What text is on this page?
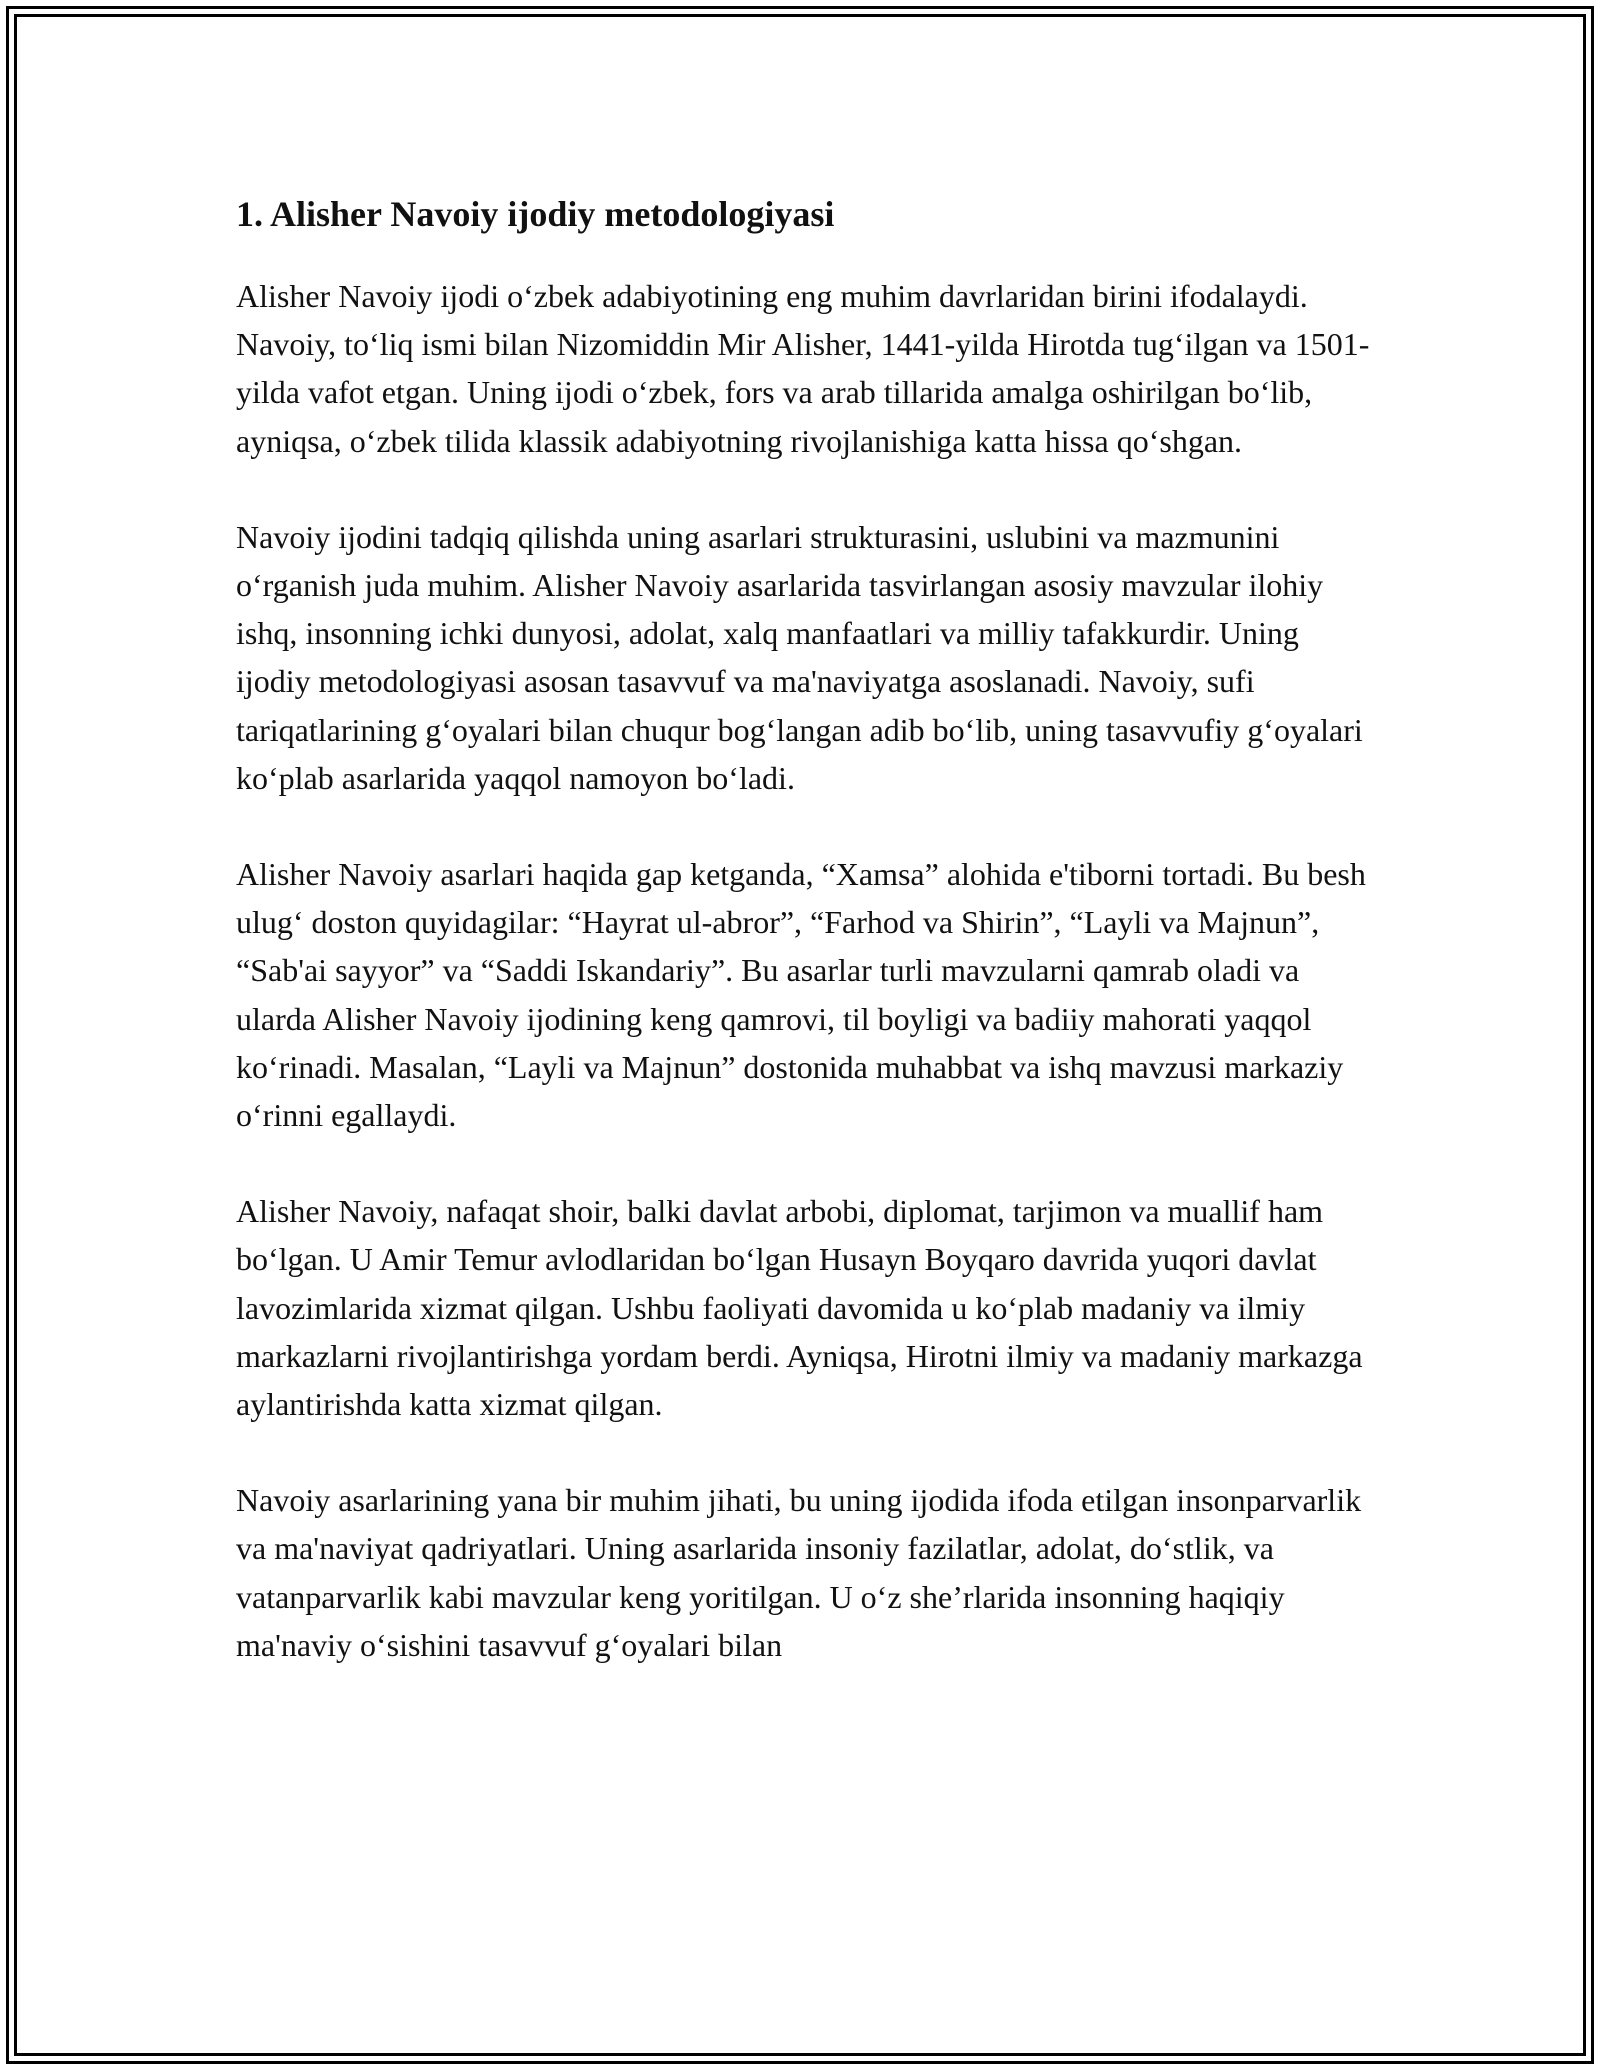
1. Alisher Navoiy ijodiy metodologiyasi

Alisher Navoiy ijodi o‘zbek adabiyotining eng muhim davrlaridan birini ifodalaydi. Navoiy, to‘liq ismi bilan Nizomiddin Mir Alisher, 1441-yilda Hirotda tug‘ilgan va 1501-yilda vafot etgan. Uning ijodi o‘zbek, fors va arab tillarida amalga oshirilgan bo‘lib, ayniqsa, o‘zbek tilida klassik adabiyotning rivojlanishiga katta hissa qo‘shgan.

Navoiy ijodini tadqiq qilishda uning asarlari strukturasini, uslubini va mazmunini o‘rganish juda muhim. Alisher Navoiy asarlarida tasvirlangan asosiy mavzular ilohiy ishq, insonning ichki dunyosi, adolat, xalq manfaatlari va milliy tafakkurdir. Uning ijodiy metodologiyasi asosan tasavvuf va ma'naviyatga asoslanadi. Navoiy, sufi tariqatlarining g‘oyalari bilan chuqur bog‘langan adib bo‘lib, uning tasavvufiy g‘oyalari ko‘plab asarlarida yaqqol namoyon bo‘ladi.

Alisher Navoiy asarlari haqida gap ketganda, “Xamsa” alohida e'tiborni tortadi. Bu besh ulug‘ doston quyidagilar: “Hayrat ul-abror”, “Farhod va Shirin”, “Layli va Majnun”, “Sab'ai sayyor” va “Saddi Iskandariy”. Bu asarlar turli mavzularni qamrab oladi va ularda Alisher Navoiy ijodining keng qamrovi, til boyligi va badiiy mahorati yaqqol ko‘rinadi. Masalan, “Layli va Majnun” dostonida muhabbat va ishq mavzusi markaziy o‘rinni egallaydi.

Alisher Navoiy, nafaqat shoir, balki davlat arbobi, diplomat, tarjimon va muallif ham bo‘lgan. U Amir Temur avlodlaridan bo‘lgan Husayn Boyqaro davrida yuqori davlat lavozimlarida xizmat qilgan. Ushbu faoliyati davomida u ko‘plab madaniy va ilmiy markazlarni rivojlantirishga yordam berdi. Ayniqsa, Hirotni ilmiy va madaniy markazga aylantirishda katta xizmat qilgan.

Navoiy asarlarining yana bir muhim jihati, bu uning ijodida ifoda etilgan insonparvarlik va ma'naviyat qadriyatlari. Uning asarlarida insoniy fazilatlar, adolat, do‘stlik, va vatanparvarlik kabi mavzular keng yoritilgan. U o‘z she’rlarida insonning haqiqiy ma'naviy o‘sishini tasavvuf g‘oyalari bilan
